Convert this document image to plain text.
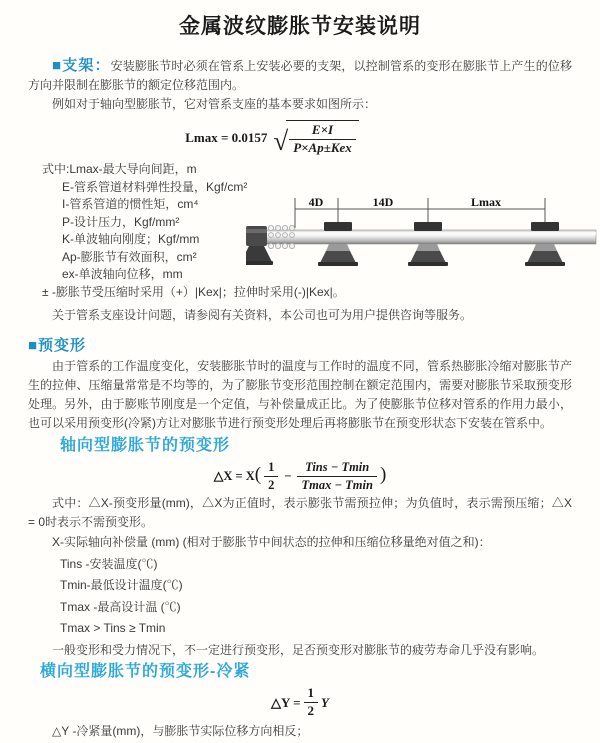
金属波纹膨胀节安装说明

■支架：安装膨胀节时必须在管系上安装必要的支架，以控制管系的变形在膨胀节上产生的位移方向并限制在膨胀节的额定位移范围内。

例如对于轴向型膨胀节，它对管系支座的基本要求如图所示：

Lmax = 0.0157 √ $\frac{E\times I}{\text{P×Ap±Kex}}$

式中:Lmax-最大导向间距，m

E-管系管道材料弹性投量，Kgf/cm²

I-管系管道的惯性矩，cm⁴

P-设计压力，Kgf/mm²

K-单波轴向刚度；Kgf/mm

Ap-膨胀节有效面积，cm²

ex-单波轴向位移，mm

± -膨胀节受压缩时采用（+）|Kex|；拉伸时采用(-)|Kex|。

关于管系支座设计问题，请参阅有关资料，本公司也可为用户提供咨询等服务。

■预变形

由于管系的工作温度变化，安装膨胀节时的温度与工作时的温度不同，管系热膨胀冷缩对膨胀节产生的拉伸、压缩量常常是不均等的，为了膨胀节变形范围控制在额定范围内，需要对膨胀节采取预变形处理。另外，由于膨账节刚度是一个定值，与补偿量成正比。为了使膨胀节位移对管系的作用力最小，也可以采用预变形(冷紧)方让对膨胀节进行预变形处理后再将膨胀节在预变形状态下安装在管系中。

轴向型膨胀节的预变形
△X = X ( $\frac{1}{2} - \frac{\text{Tins − Tmin}}{Tmax - Tmin}$ )

式中：△X-预变形量(mm)，△X为正值时，表示膨张节需预拉伸；为负值时，表示需预压缩；△X = 0时表示不需预变形。

X-实际轴向补偿量 (mm) (相对于膨胀节中间状态的拉伸和压缩位移量绝对值之和)：

Tins -安装温度(℃)

Tmin-最低设计温度(℃)

Tmax -最高设计温 (℃)

Tmax > Tins ≥ Tmin

一般变形和受力情况下，不一定进行预变形，足否预变形对膨胀节的疲劳寿命几乎没有影响。

横向型膨胀节的预变形-冷紧
△Y = $\frac{1}{2}$ Y

△Y -冷紧量(mm)，与膨胀节实际位移方向相反；

4D	14D	Lmax
